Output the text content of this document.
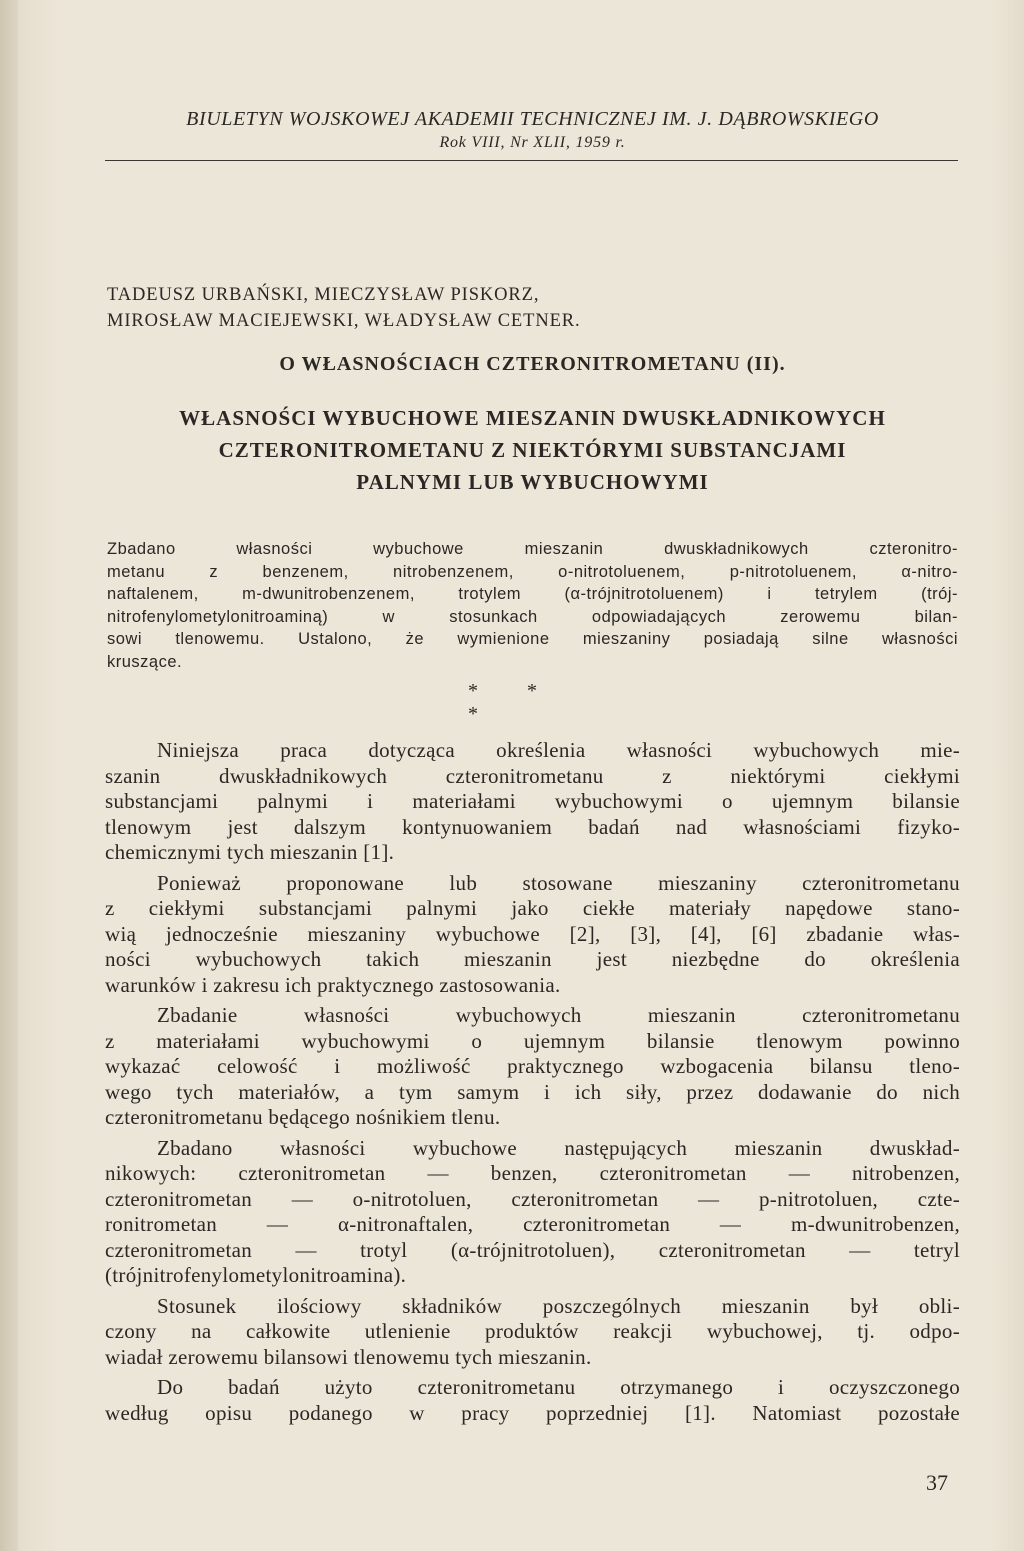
BIULETYN WOJSKOWEJ AKADEMII TECHNICZNEJ IM. J. DĄBROWSKIEGO
Rok VIII, Nr XLII, 1959 r.
TADEUSZ URBAŃSKI, MIECZYSŁAW PISKORZ,
MIROSŁAW MACIEJEWSKI, WŁADYSŁAW CETNER.
O WŁASNOŚCIACH CZTERONITROMETANU (II).
WŁASNOŚCI WYBUCHOWE MIESZANIN DWUSKŁADNIKOWYCH
CZTERONITROMETANU Z NIEKTÓRYMI SUBSTANCJAMI
PALNYMI LUB WYBUCHOWYMI
Zbadano własności wybuchowe mieszanin dwuskładnikowych czteronitro-
metanu z benzenem, nitrobenzenem, o-nitrotoluenem, p-nitrotoluenem, α-nitro-
naftalenem, m-dwunitrobenzenem, trotylem (α-trójnitrotoluenem) i tetrylem (trój-
nitrofenylometylonitroaminą) w stosunkach odpowiadających zerowemu bilan-
sowi tlenowemu. Ustalono, że wymienione mieszaniny posiadają silne własności
kruszące.
* * *
Niniejsza praca dotycząca określenia własności wybuchowych mie-
szanin dwuskładnikowych czteronitrometanu z niektórymi ciekłymi
substancjami palnymi i materiałami wybuchowymi o ujemnym bilansie
tlenowym jest dalszym kontynuowaniem badań nad własnościami fizyko-
chemicznymi tych mieszanin [1].
Ponieważ proponowane lub stosowane mieszaniny czteronitrometanu
z ciekłymi substancjami palnymi jako ciekłe materiały napędowe stano-
wią jednocześnie mieszaniny wybuchowe [2], [3], [4], [6] zbadanie włas-
ności wybuchowych takich mieszanin jest niezbędne do określenia
warunków i zakresu ich praktycznego zastosowania.
Zbadanie własności wybuchowych mieszanin czteronitrometanu
z materiałami wybuchowymi o ujemnym bilansie tlenowym powinno
wykazać celowość i możliwość praktycznego wzbogacenia bilansu tleno-
wego tych materiałów, a tym samym i ich siły, przez dodawanie do nich
czteronitrometanu będącego nośnikiem tlenu.
Zbadano własności wybuchowe następujących mieszanin dwuskład-
nikowych: czteronitrometan — benzen, czteronitrometan — nitrobenzen,
czteronitrometan — o-nitrotoluen, czteronitrometan — p-nitrotoluen, czte-
ronitrometan — α-nitronaftalen, czteronitrometan — m-dwunitrobenzen,
czteronitrometan — trotyl (α-trójnitrotoluen), czteronitrometan — tetryl
(trójnitrofenylometylonitroamina).
Stosunek ilościowy składników poszczególnych mieszanin był obli-
czony na całkowite utlenienie produktów reakcji wybuchowej, tj. odpo-
wiadał zerowemu bilansowi tlenowemu tych mieszanin.
Do badań użyto czteronitrometanu otrzymanego i oczyszczonego
według opisu podanego w pracy poprzedniej [1]. Natomiast pozostałe
37
